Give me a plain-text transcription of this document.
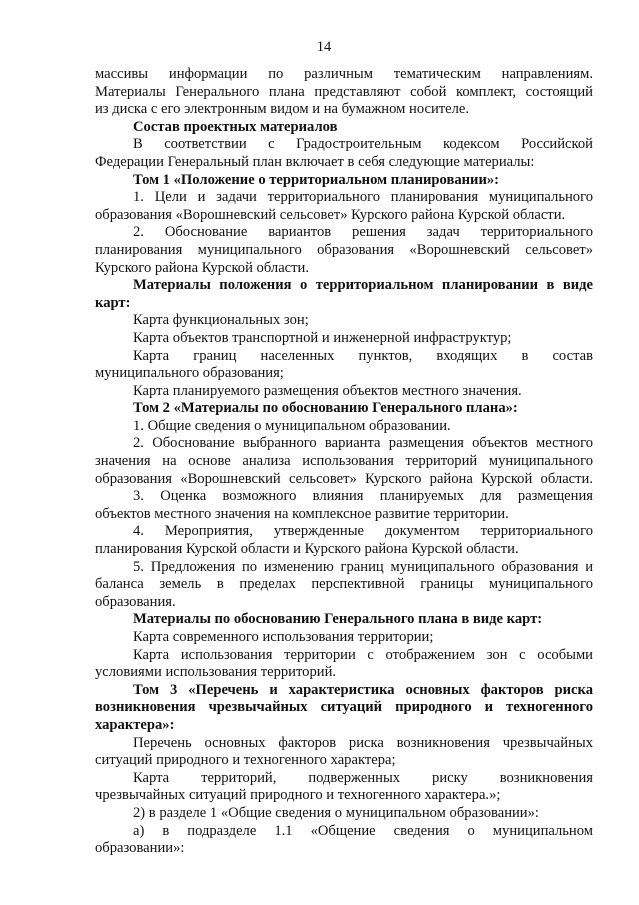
14
массивы информации по различным тематическим направлениям.
Материалы Генерального плана представляют собой комплект, состоящий
из диска с его электронным видом и на бумажном носителе.
Состав проектных материалов
В соответствии с Градостроительным кодексом Российской
Федерации Генеральный план включает в себя следующие материалы:
Том 1 «Положение о территориальном планировании»:
1. Цели и задачи территориального планирования муниципального
образования «Ворошневский сельсовет» Курского района Курской области.
2. Обоснование вариантов решения задач территориального
планирования муниципального образования «Ворошневский сельсовет»
Курского района Курской области.
Материалы положения о территориальном планировании в виде
карт:
Карта функциональных зон;
Карта объектов транспортной и инженерной инфраструктур;
Карта границ населенных пунктов, входящих в состав
муниципального образования;
Карта планируемого размещения объектов местного значения.
Том 2 «Материалы по обоснованию Генерального плана»:
1. Общие сведения о муниципальном образовании.
2. Обоснование выбранного варианта размещения объектов местного
значения на основе анализа использования территорий муниципального
образования «Ворошневский сельсовет» Курского района Курской области.
3. Оценка возможного влияния планируемых для размещения
объектов местного значения на комплексное развитие территории.
4. Мероприятия, утвержденные документом территориального
планирования Курской области и Курского района Курской области.
5. Предложения по изменению границ муниципального образования и
баланса земель в пределах перспективной границы муниципального
образования.
Материалы по обоснованию Генерального плана в виде карт:
Карта современного использования территории;
Карта использования территории с отображением зон с особыми
условиями использования территорий.
Том 3 «Перечень и характеристика основных факторов риска
возникновения чрезвычайных ситуаций природного и техногенного
характера»:
Перечень основных факторов риска возникновения чрезвычайных
ситуаций природного и техногенного характера;
Карта территорий, подверженных риску возникновения
чрезвычайных ситуаций природного и техногенного характера.»;
2) в разделе 1 «Общие сведения о муниципальном образовании»:
а) в подразделе 1.1 «Общение сведения о муниципальном
образовании»:
